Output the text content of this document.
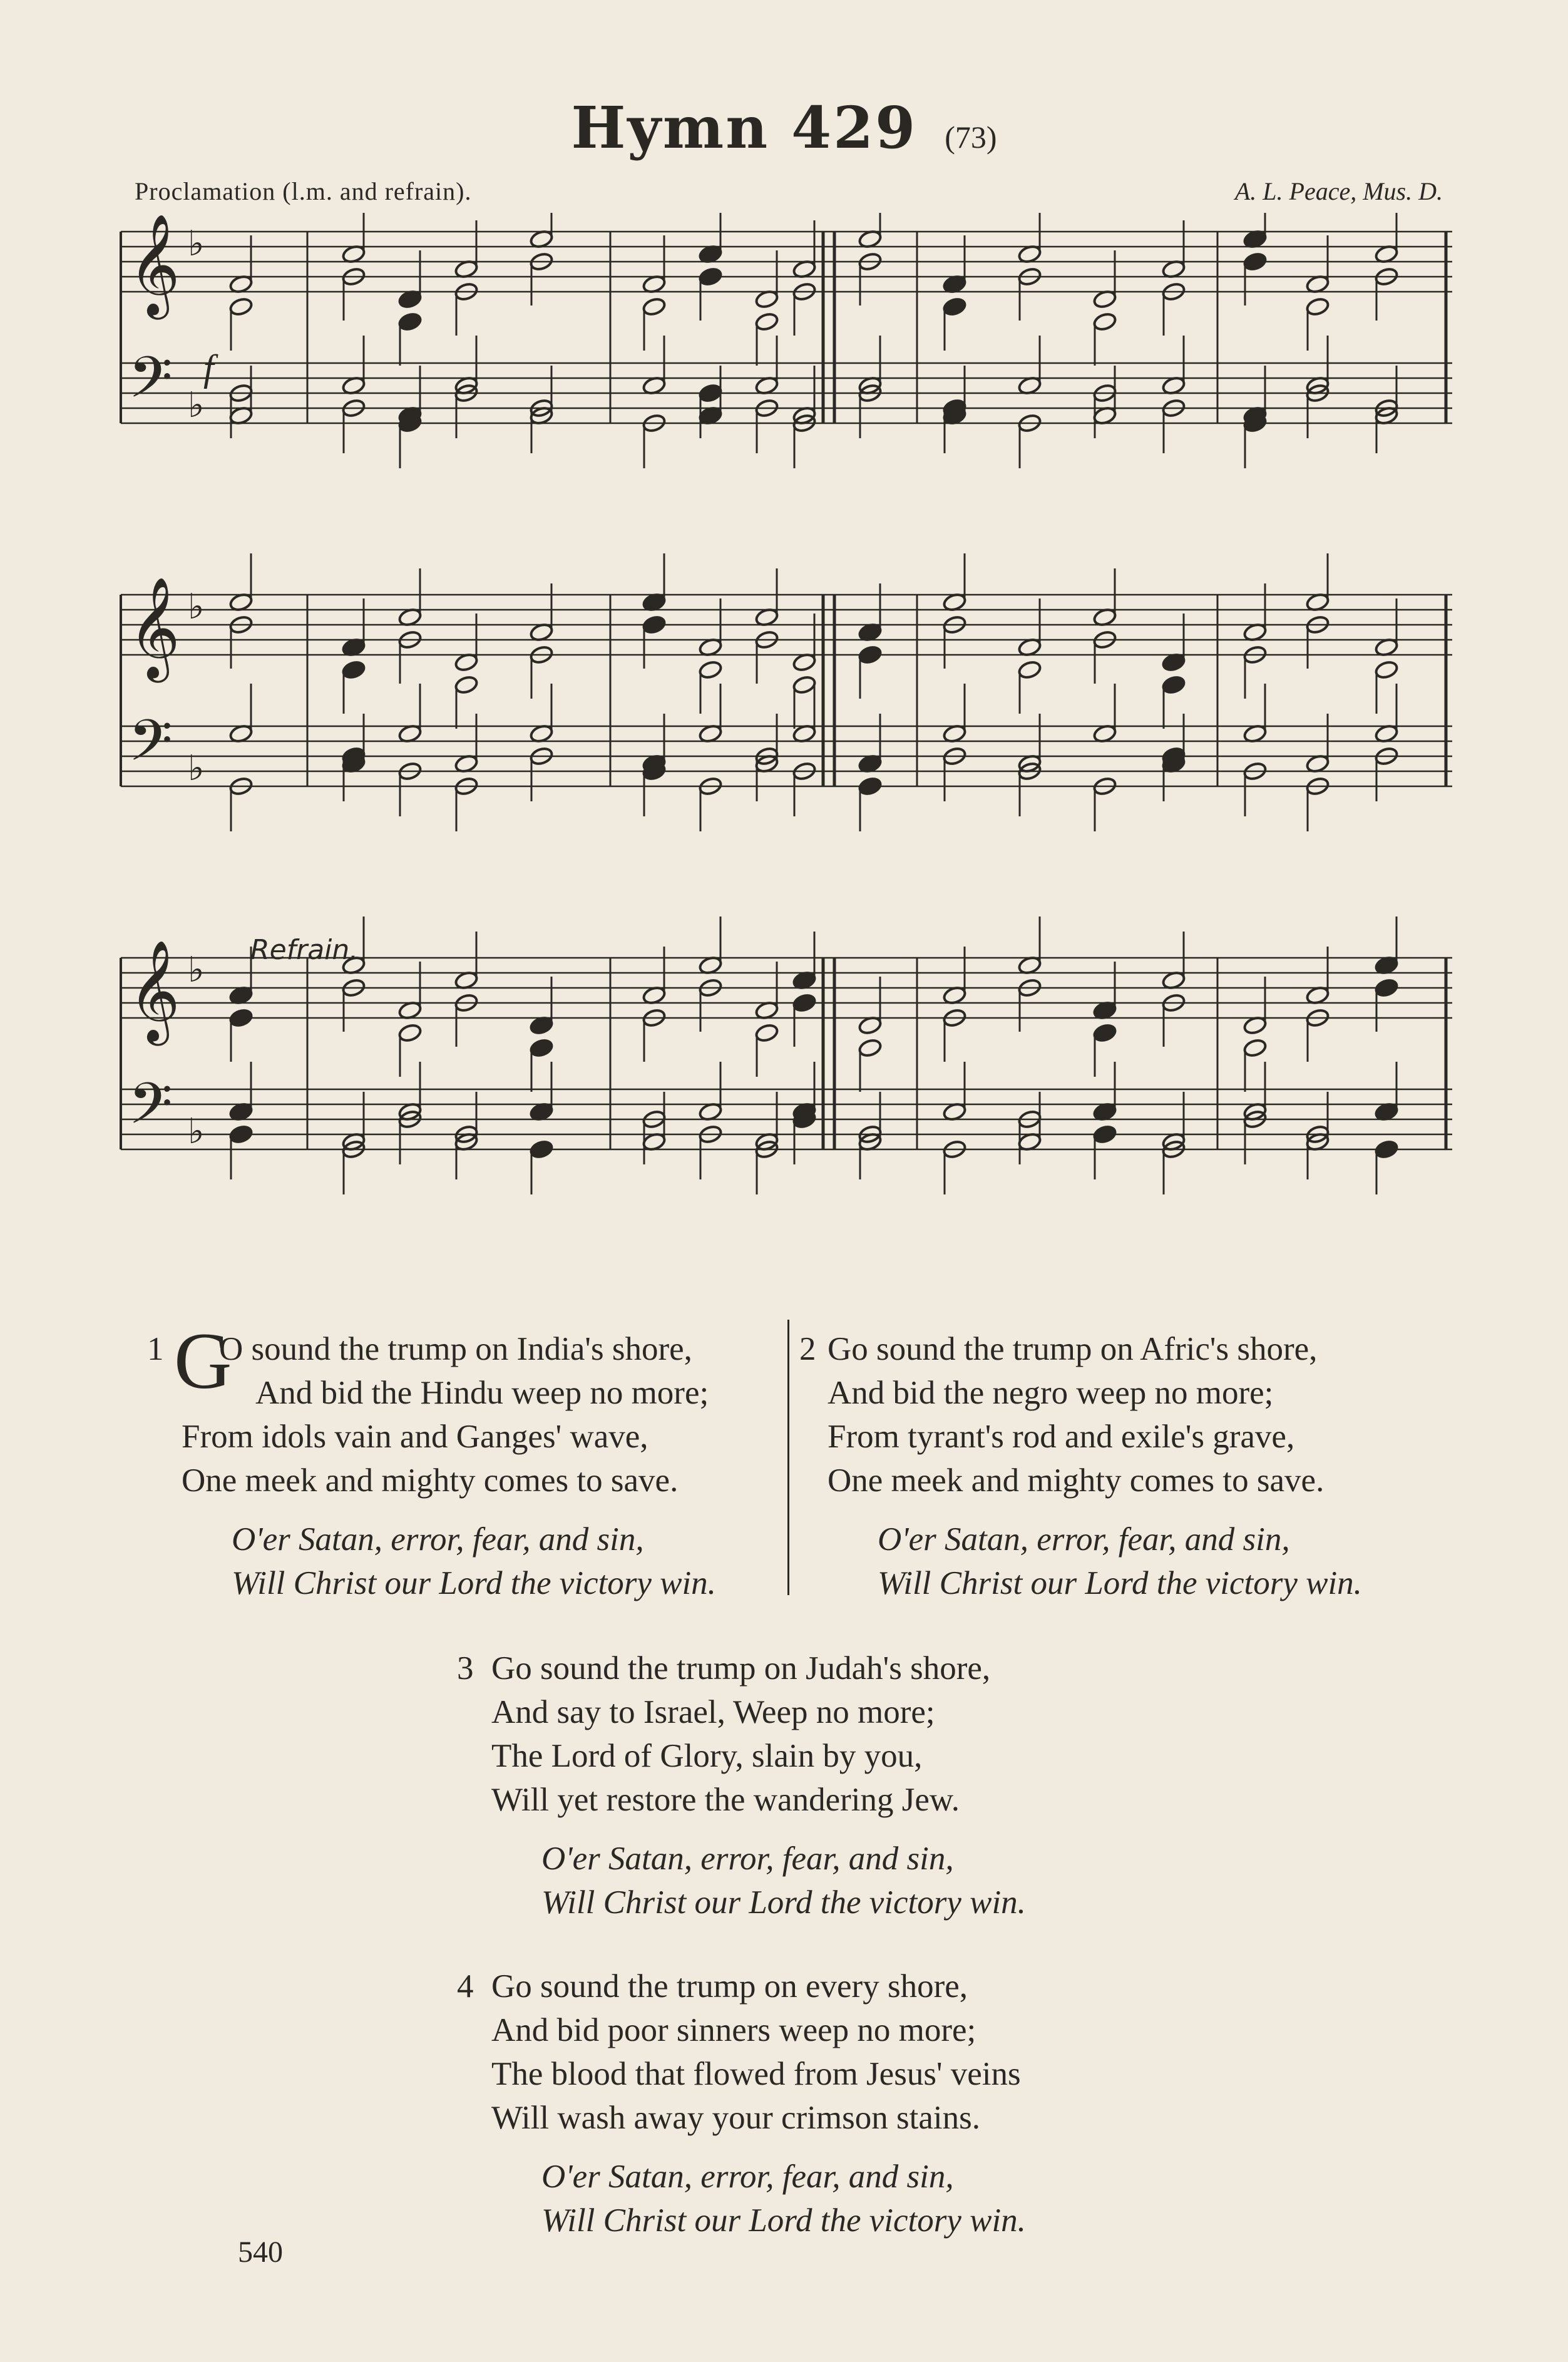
Hymn 429 (73)
Proclamation (l.m. and refrain).	A. L. Peace, Mus. D.
𝄞
𝄢
♭
♭
𝄞
𝄢
♭
♭
𝄞
𝄢
♭
♭
f
Refrain.
1 G
O sound the trump on India's shore,
And bid the Hindu weep no more;
From idols vain and Ganges' wave,
One meek and mighty comes to save.
O'er Satan, error, fear, and sin,
Will Christ our Lord the victory win.
2 Go sound the trump on Afric's shore,
And bid the negro weep no more;
From tyrant's rod and exile's grave,
One meek and mighty comes to save.
O'er Satan, error, fear, and sin,
Will Christ our Lord the victory win.
3 Go sound the trump on Judah's shore,
And say to Israel, Weep no more;
The Lord of Glory, slain by you,
Will yet restore the wandering Jew.
O'er Satan, error, fear, and sin,
Will Christ our Lord the victory win.
4 Go sound the trump on every shore,
And bid poor sinners weep no more;
The blood that flowed from Jesus' veins
Will wash away your crimson stains.
O'er Satan, error, fear, and sin,
Will Christ our Lord the victory win.
540
